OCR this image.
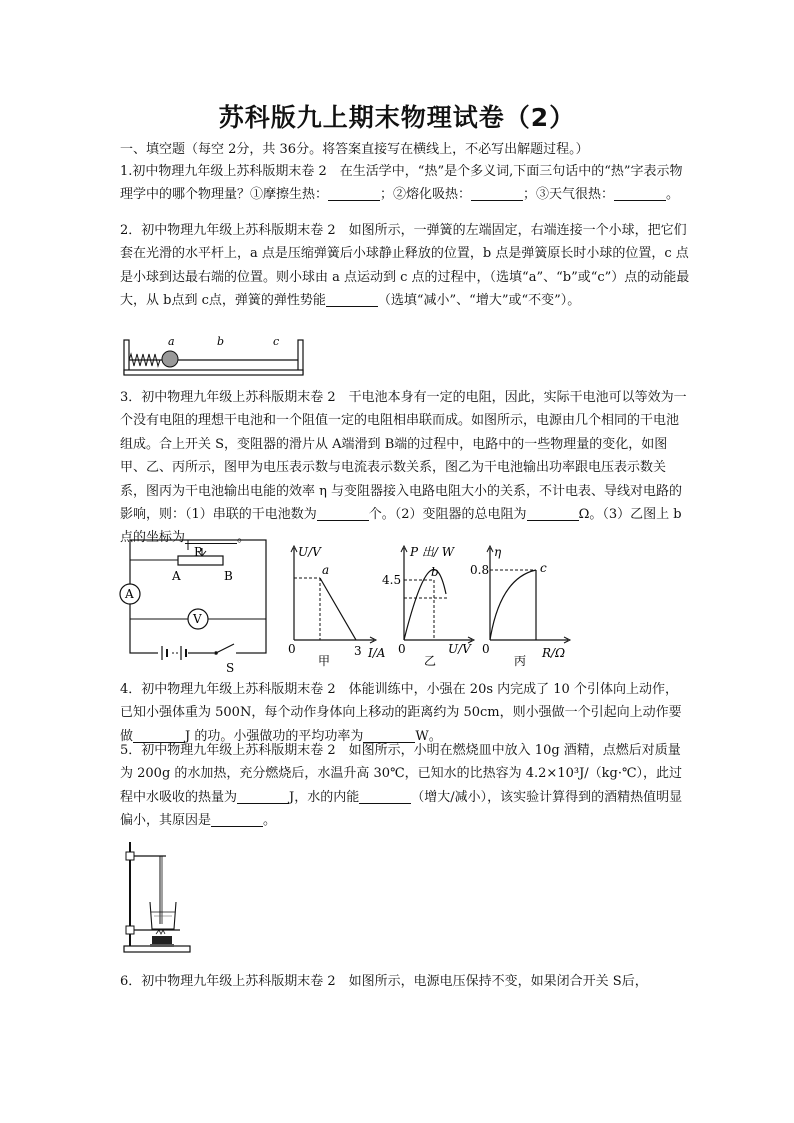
苏科版九上期末物理试卷（2）

一、填空题（每空 2分，共 36分。将答案直接写在横线上，不必写出解题过程。）

1.初中物理九年级上苏科版期末卷 2　在生活学中，“热”是个多义词,下面三句话中的“热”字表示物理学中的哪个物理量？①摩擦生热：	；②熔化吸热：	；③天气很热：	。

2．初中物理九年级上苏科版期末卷 2　如图所示，一弹簧的左端固定，右端连接一个小球，把它们套在光滑的水平杆上，a 点是压缩弹簧后小球静止释放的位置，b 点是弹簧原长时小球的位置，c 点是小球到达最右端的位置。则小球由 a 点运动到 c 点的过程中，（选填“a”、“b”或“c”）点的动能最大，从 b点到 c点，弹簧的弹性势能	（选填“减小”、“增大”或“不变”）。

a	b	c

3．初中物理九年级上苏科版期末卷 2　干电池本身有一定的电阻，因此，实际干电池可以等效为一个没有电阻的理想干电池和一个阻值一定的电阻相串联而成。如图所示，电源由几个相同的干电池组成。合上开关 S，变阻器的滑片从 A端滑到 B端的过程中，电路中的一些物理量的变化，如图甲、乙、丙所示，图甲为电压表示数与电流表示数关系，图乙为干电池输出功率跟电压表示数关系，图丙为干电池输出电能的效率 η 与变阻器接入电路电阻大小的关系，不计电表、导线对电路的影响，则：（1）串联的干电池数为	个。（2）变阻器的总电阻为	Ω。（3）乙图上 b点的坐标为	。

P
A	B
A
V
S
U/V
a
0	3 I/A
甲
P 出/ W
4.5
b
0	U/V
乙
η
0.8	c
0	R/Ω
丙

4．初中物理九年级上苏科版期末卷 2　体能训练中，小强在 20s 内完成了 10 个引体向上动作，已知小强体重为 500N，每个动作身体向上移动的距离约为 50cm，则小强做一个引起向上动作要做	J 的功。小强做功的平均功率为	W。

5．初中物理九年级上苏科版期末卷 2　如图所示，小明在燃烧皿中放入 10g 酒精，点燃后对质量为 200g 的水加热，充分燃烧后，水温升高 30℃，已知水的比热容为 4.2×10³J/（kg·℃），此过程中水吸收的热量为	J，水的内能	（增大/减小），该实验计算得到的酒精热值明显偏小，其原因是	。

6．初中物理九年级上苏科版期末卷 2　如图所示，电源电压保持不变，如果闭合开关 S后，
